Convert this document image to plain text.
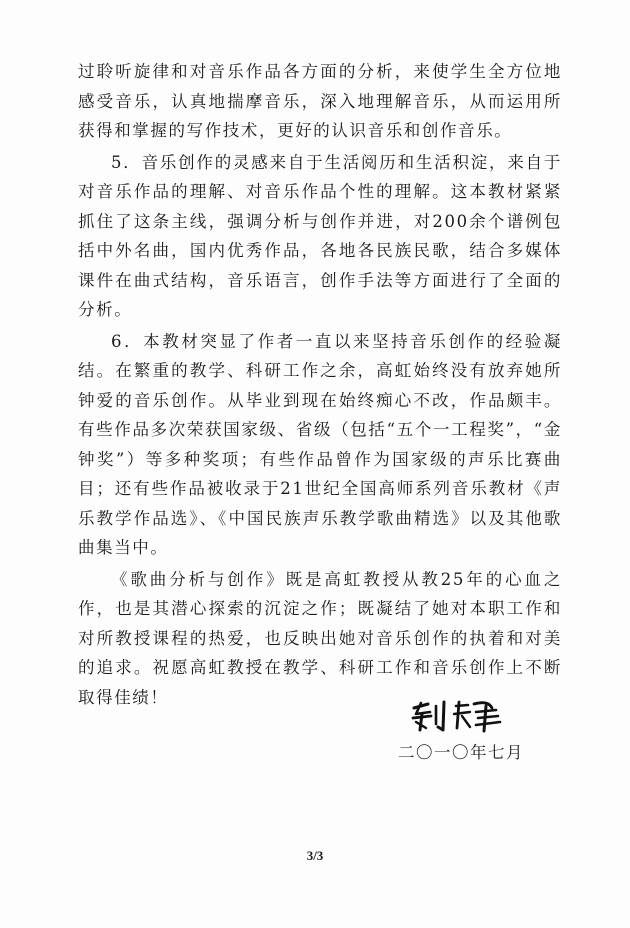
过聆听旋律和对音乐作品各方面的分析，来使学生全方位地感受音乐，认真地揣摩音乐，深入地理解音乐，从而运用所获得和掌握的写作技术，更好的认识音乐和创作音乐。

5．音乐创作的灵感来自于生活阅历和生活积淀，来自于对音乐作品的理解、对音乐作品个性的理解。这本教材紧紧抓住了这条主线，强调分析与创作并进，对200余个谱例包括中外名曲，国内优秀作品，各地各民族民歌，结合多媒体课件在曲式结构，音乐语言，创作手法等方面进行了全面的分析。

6．本教材突显了作者一直以来坚持音乐创作的经验凝结。在繁重的教学、科研工作之余，高虹始终没有放弃她所钟爱的音乐创作。从毕业到现在始终痴心不改，作品颇丰。有些作品多次荣获国家级、省级（包括“五个一工程奖”，“金钟奖”）等多种奖项；有些作品曾作为国家级的声乐比赛曲目；还有些作品被收录于21世纪全国高师系列音乐教材《声乐教学作品选》、《中国民族声乐教学歌曲精选》以及其他歌曲集当中。

《歌曲分析与创作》既是高虹教授从教25年的心血之作，也是其潜心探索的沉淀之作；既凝结了她对本职工作和对所教授课程的热爱，也反映出她对音乐创作的执着和对美的追求。祝愿高虹教授在教学、科研工作和音乐创作上不断取得佳绩！

二〇一〇年七月
3/3
